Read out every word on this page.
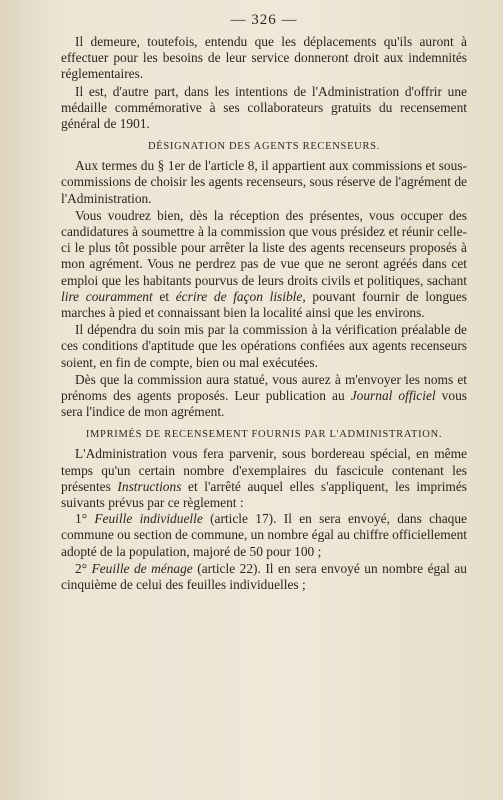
— 326 —

Il demeure, toutefois, entendu que les déplacements qu'ils auront à effectuer pour les besoins de leur service donneront droit aux indemnités réglementaires.

Il est, d'autre part, dans les intentions de l'Administration d'offrir une médaille commémorative à ses collaborateurs gratuits du recensement général de 1901.

DÉSIGNATION DES AGENTS RECENSEURS.

Aux termes du § 1er de l'article 8, il appartient aux commissions et sous-commissions de choisir les agents recenseurs, sous réserve de l'agrément de l'Administration.

Vous voudrez bien, dès la réception des présentes, vous occuper des candidatures à soumettre à la commission que vous présidez et réunir celle-ci le plus tôt possible pour arrêter la liste des agents recenseurs proposés à mon agrément. Vous ne perdrez pas de vue que ne seront agréés dans cet emploi que les habitants pourvus de leurs droits civils et politiques, sachant lire couramment et écrire de façon lisible, pouvant fournir de longues marches à pied et connaissant bien la localité ainsi que les environs.

Il dépendra du soin mis par la commission à la vérification préalable de ces conditions d'aptitude que les opérations confiées aux agents recenseurs soient, en fin de compte, bien ou mal exécutées.

Dès que la commission aura statué, vous aurez à m'envoyer les noms et prénoms des agents proposés. Leur publication au Journal officiel vous sera l'indice de mon agrément.

IMPRIMÉS DE RECENSEMENT FOURNIS PAR L'ADMINISTRATION.

L'Administration vous fera parvenir, sous bordereau spécial, en même temps qu'un certain nombre d'exemplaires du fascicule contenant les présentes Instructions et l'arrêté auquel elles s'appliquent, les imprimés suivants prévus par ce règlement :

1° Feuille individuelle (article 17). Il en sera envoyé, dans chaque commune ou section de commune, un nombre égal au chiffre officiellement adopté de la population, majoré de 50 pour 100 ;

2° Feuille de ménage (article 22). Il en sera envoyé un nombre égal au cinquième de celui des feuilles individuelles ;
